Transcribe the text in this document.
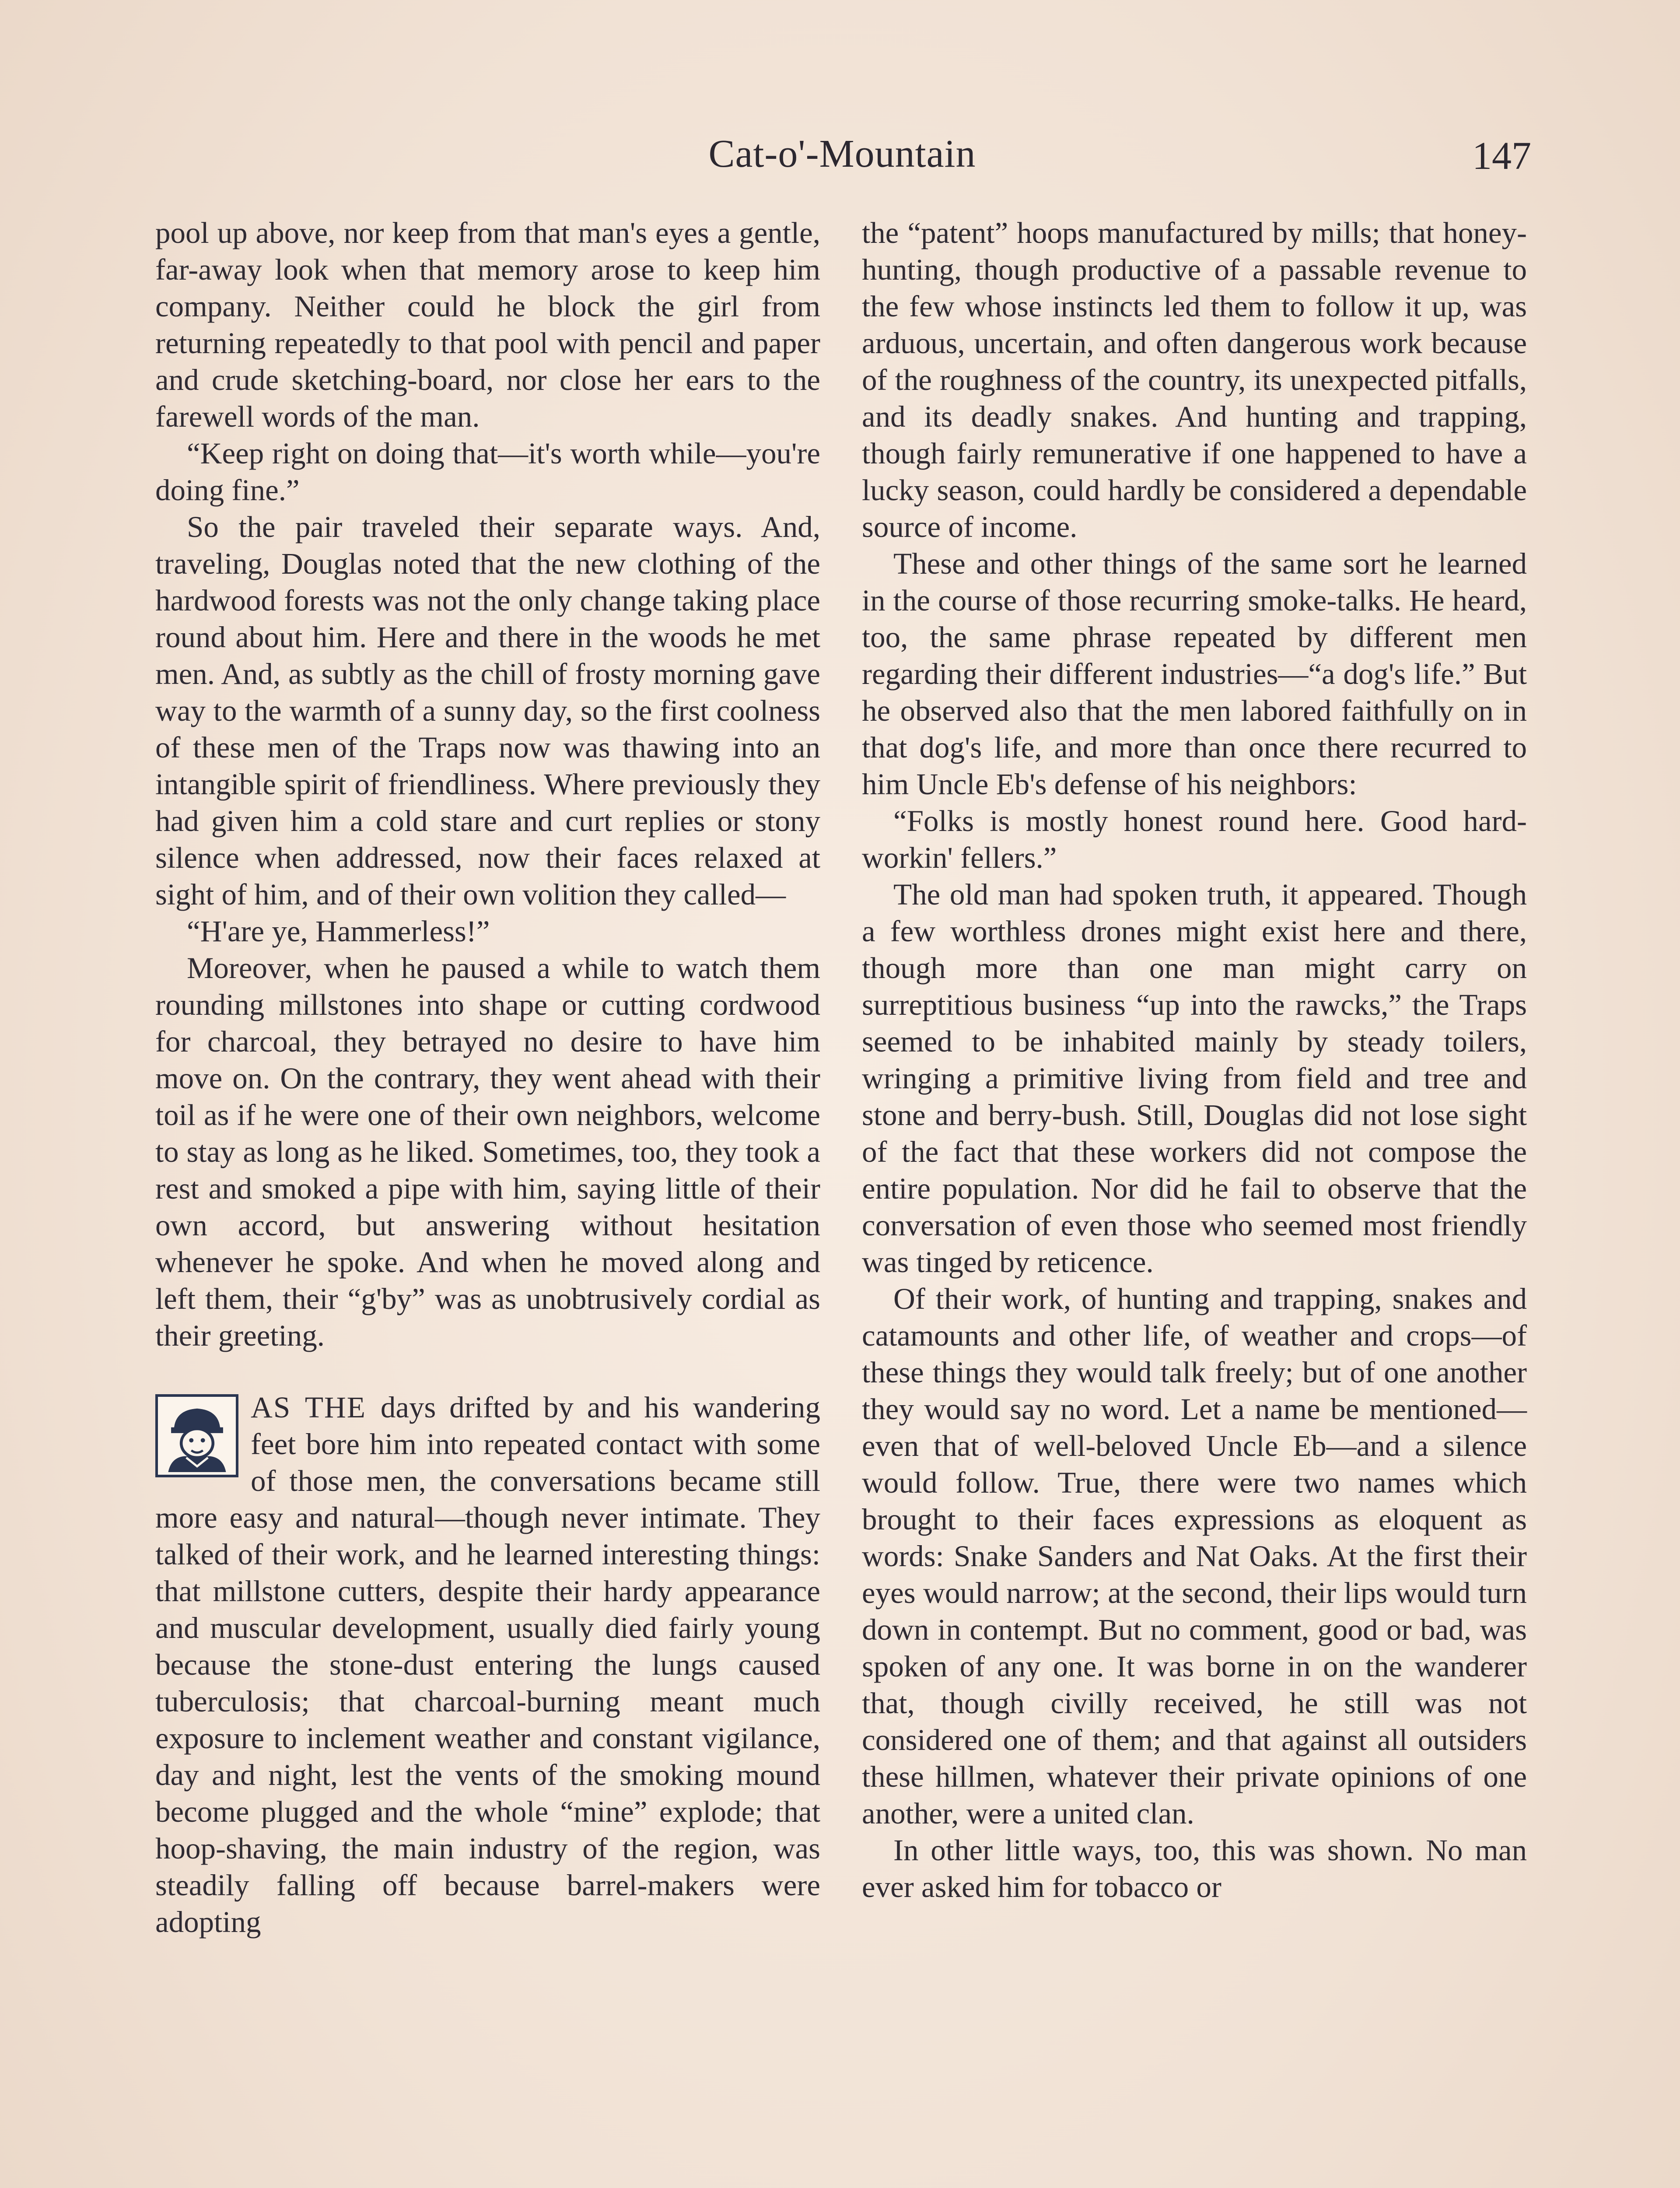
Cat-o'-Mountain	147

pool up above, nor keep from that man's eyes a gentle, far-away look when that memory arose to keep him company. Neither could he block the girl from returning repeatedly to that pool with pencil and paper and crude sketching-board, nor close her ears to the farewell words of the man.

“Keep right on doing that—it's worth while—you're doing fine.”

So the pair traveled their separate ways. And, traveling, Douglas noted that the new clothing of the hardwood forests was not the only change taking place round about him. Here and there in the woods he met men. And, as subtly as the chill of frosty morning gave way to the warmth of a sunny day, so the first coolness of these men of the Traps now was thawing into an intangible spirit of friendliness. Where previously they had given him a cold stare and curt replies or stony silence when addressed, now their faces relaxed at sight of him, and of their own volition they called—

“H'are ye, Hammerless!”

Moreover, when he paused a while to watch them rounding millstones into shape or cutting cordwood for charcoal, they betrayed no desire to have him move on. On the contrary, they went ahead with their toil as if he were one of their own neighbors, welcome to stay as long as he liked. Sometimes, too, they took a rest and smoked a pipe with him, saying little of their own accord, but answering without hesitation whenever he spoke. And when he moved along and left them, their “g'by” was as unobtrusively cordial as their greeting.

AS THE days drifted by and his wandering feet bore him into repeated contact with some of those men, the conversations became still more easy and natural—though never intimate. They talked of their work, and he learned interesting things: that millstone cutters, despite their hardy appearance and muscular development, usually died fairly young because the stone-dust entering the lungs caused tuberculosis; that charcoal-burning meant much exposure to inclement weather and constant vigilance, day and night, lest the vents of the smoking mound become plugged and the whole “mine” explode; that hoop-shaving, the main industry of the region, was steadily falling off because barrel-makers were adopting

the “patent” hoops manufactured by mills; that honey-hunting, though productive of a passable revenue to the few whose instincts led them to follow it up, was arduous, uncertain, and often dangerous work because of the roughness of the country, its unexpected pitfalls, and its deadly snakes. And hunting and trapping, though fairly remunerative if one happened to have a lucky season, could hardly be considered a dependable source of income.

These and other things of the same sort he learned in the course of those recurring smoke-talks. He heard, too, the same phrase repeated by different men regarding their different industries—“a dog's life.” But he observed also that the men labored faithfully on in that dog's life, and more than once there recurred to him Uncle Eb's defense of his neighbors:

“Folks is mostly honest round here. Good hard-workin' fellers.”

The old man had spoken truth, it appeared. Though a few worthless drones might exist here and there, though more than one man might carry on surreptitious business “up into the rawcks,” the Traps seemed to be inhabited mainly by steady toilers, wringing a primitive living from field and tree and stone and berry-bush. Still, Douglas did not lose sight of the fact that these workers did not compose the entire population. Nor did he fail to observe that the conversation of even those who seemed most friendly was tinged by reticence.

Of their work, of hunting and trapping, snakes and catamounts and other life, of weather and crops—of these things they would talk freely; but of one another they would say no word. Let a name be mentioned—even that of well-beloved Uncle Eb—and a silence would follow. True, there were two names which brought to their faces expressions as eloquent as words: Snake Sanders and Nat Oaks. At the first their eyes would narrow; at the second, their lips would turn down in contempt. But no comment, good or bad, was spoken of any one. It was borne in on the wanderer that, though civilly received, he still was not considered one of them; and that against all outsiders these hillmen, whatever their private opinions of one another, were a united clan.

In other little ways, too, this was shown. No man ever asked him for tobacco or
